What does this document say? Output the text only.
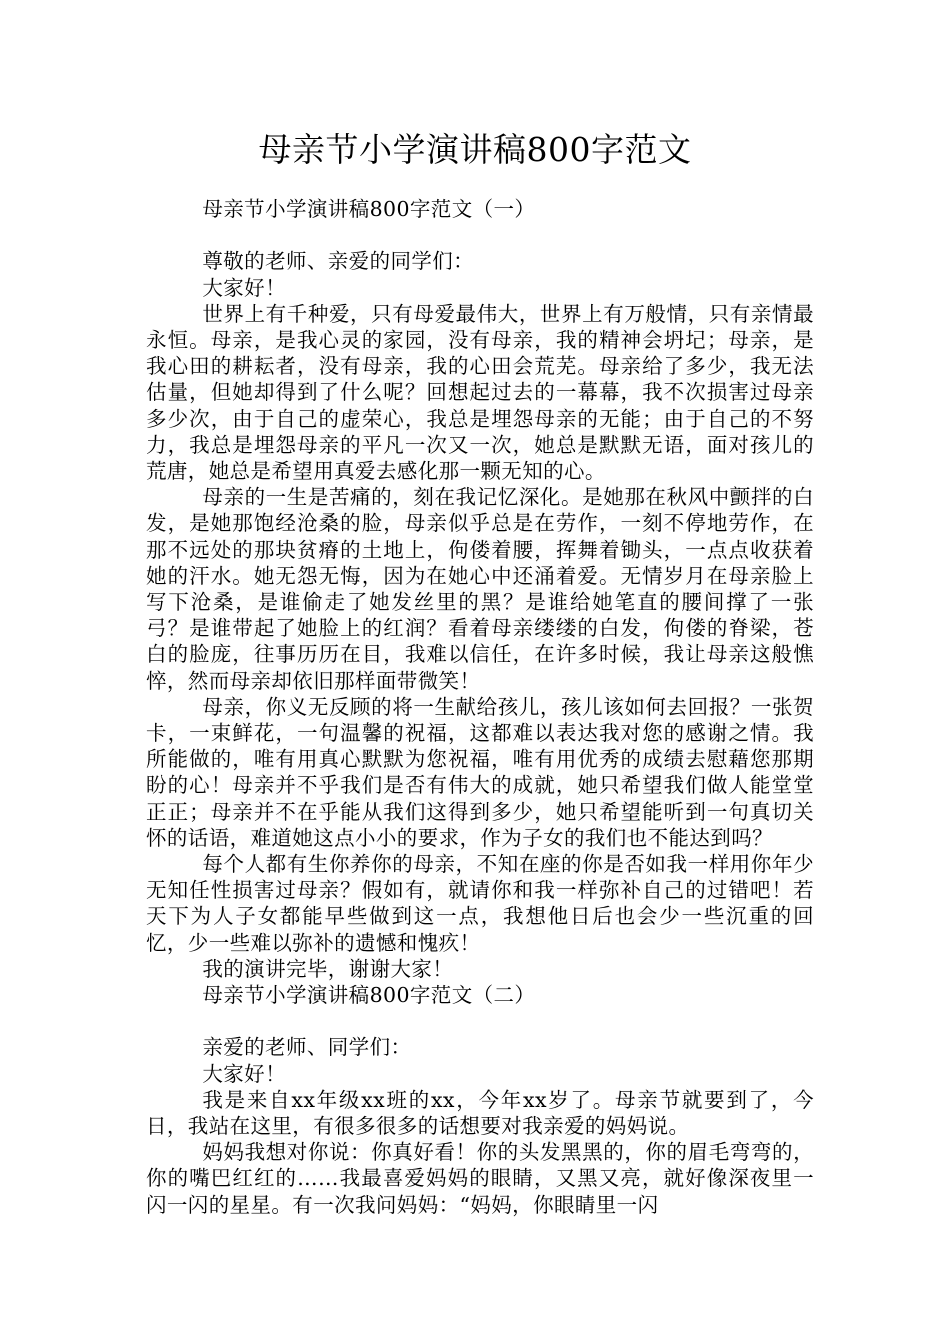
母亲节小学演讲稿800字范文

母亲节小学演讲稿800字范文（一）

尊敬的老师、亲爱的同学们：

大家好！

世界上有千种爱，只有母爱最伟大，世界上有万般情，只有亲情最永恒。母亲，是我心灵的家园，没有母亲，我的精神会坍圮；母亲，是我心田的耕耘者，没有母亲，我的心田会荒芜。母亲给了多少，我无法估量，但她却得到了什么呢？回想起过去的一幕幕，我不次损害过母亲多少次，由于自己的虚荣心，我总是埋怨母亲的无能；由于自己的不努力，我总是埋怨母亲的平凡一次又一次，她总是默默无语，面对孩儿的荒唐，她总是希望用真爱去感化那一颗无知的心。

母亲的一生是苦痛的，刻在我记忆深化。是她那在秋风中颤拌的白发，是她那饱经沧桑的脸，母亲似乎总是在劳作，一刻不停地劳作，在那不远处的那块贫瘠的土地上，佝偻着腰，挥舞着锄头，一点点收获着她的汗水。她无怨无悔，因为在她心中还涌着爱。无情岁月在母亲脸上写下沧桑，是谁偷走了她发丝里的黑？是谁给她笔直的腰间撑了一张弓？是谁带起了她脸上的红润？看着母亲缕缕的白发，佝偻的脊梁，苍白的脸庞，往事历历在目，我难以信任，在许多时候，我让母亲这般憔悴，然而母亲却依旧那样面带微笑！

母亲，你义无反顾的将一生献给孩儿，孩儿该如何去回报？一张贺卡，一束鲜花，一句温馨的祝福，这都难以表达我对您的感谢之情。我所能做的，唯有用真心默默为您祝福，唯有用优秀的成绩去慰藉您那期盼的心！母亲并不乎我们是否有伟大的成就，她只希望我们做人能堂堂正正；母亲并不在乎能从我们这得到多少，她只希望能听到一句真切关怀的话语，难道她这点小小的要求，作为子女的我们也不能达到吗？

每个人都有生你养你的母亲，不知在座的你是否如我一样用你年少无知任性损害过母亲？假如有，就请你和我一样弥补自己的过错吧！若天下为人子女都能早些做到这一点，我想他日后也会少一些沉重的回忆，少一些难以弥补的遗憾和愧疚！

我的演讲完毕，谢谢大家！

母亲节小学演讲稿800字范文（二）

亲爱的老师、同学们：

大家好！

我是来自xx年级xx班的xx，今年xx岁了。母亲节就要到了，今日，我站在这里，有很多很多的话想要对我亲爱的妈妈说。

妈妈我想对你说：你真好看！你的头发黑黑的，你的眉毛弯弯的，你的嘴巴红红的……我最喜爱妈妈的眼睛，又黑又亮，就好像深夜里一闪一闪的星星。有一次我问妈妈：“妈妈，你眼睛里一闪
